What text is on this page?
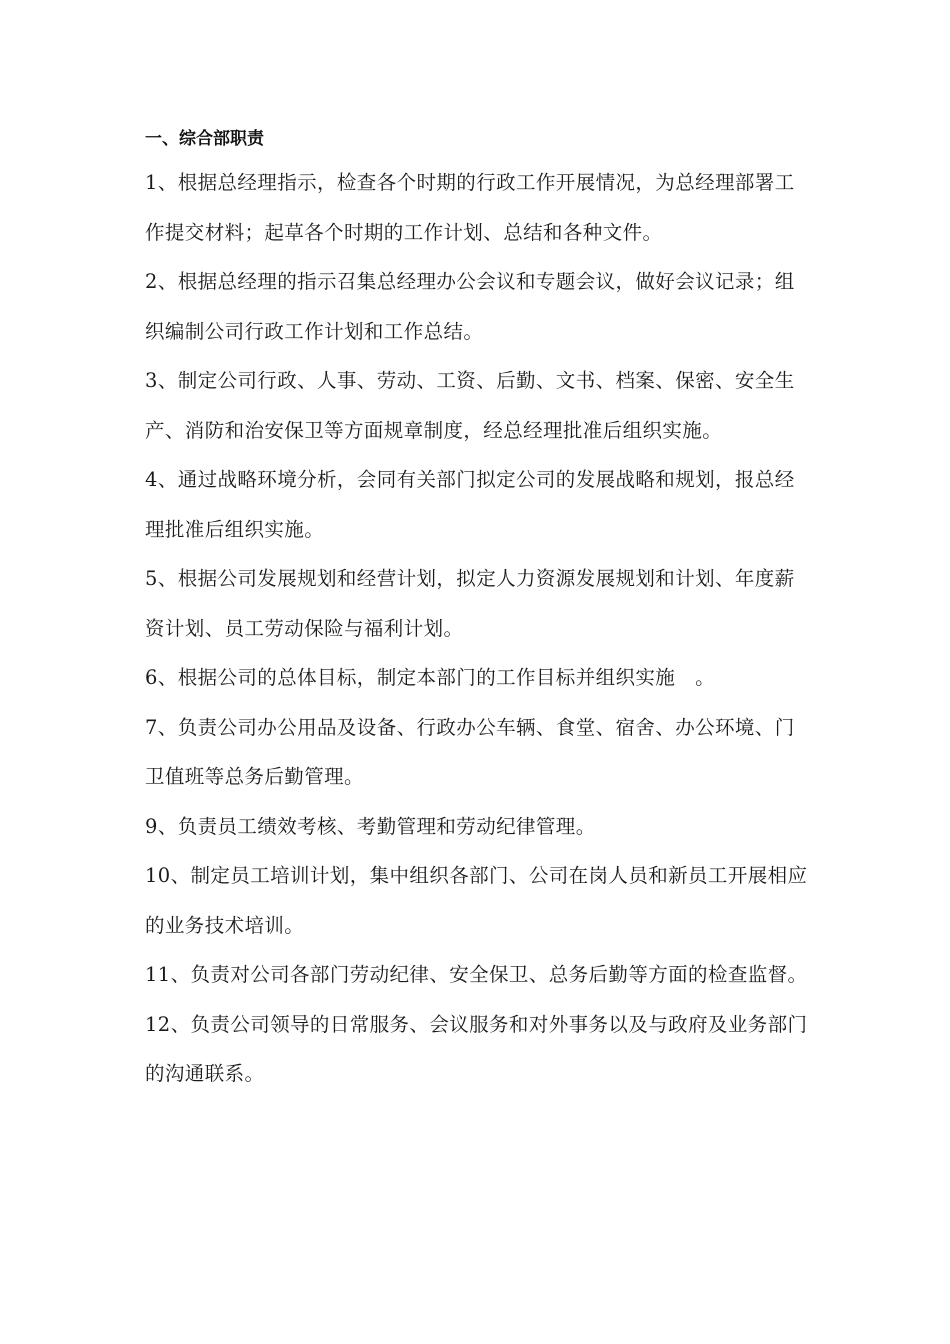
一、综合部职责

1、根据总经理指示，检查各个时期的行政工作开展情况，为总经理部署工作提交材料；起草各个时期的工作计划、总结和各种文件。

2、根据总经理的指示召集总经理办公会议和专题会议，做好会议记录；组织编制公司行政工作计划和工作总结。

3、制定公司行政、人事、劳动、工资、后勤、文书、档案、保密、安全生产、消防和治安保卫等方面规章制度，经总经理批准后组织实施。

4、通过战略环境分析，会同有关部门拟定公司的发展战略和规划，报总经理批准后组织实施。

5、根据公司发展规划和经营计划，拟定人力资源发展规划和计划、年度薪资计划、员工劳动保险与福利计划。

6、根据公司的总体目标，制定本部门的工作目标并组织实施　。

7、负责公司办公用品及设备、行政办公车辆、食堂、宿舍、办公环境、门卫值班等总务后勤管理。

9、负责员工绩效考核、考勤管理和劳动纪律管理。

10、制定员工培训计划，集中组织各部门、公司在岗人员和新员工开展相应的业务技术培训。

11、负责对公司各部门劳动纪律、安全保卫、总务后勤等方面的检查监督。

12、负责公司领导的日常服务、会议服务和对外事务以及与政府及业务部门的沟通联系。
